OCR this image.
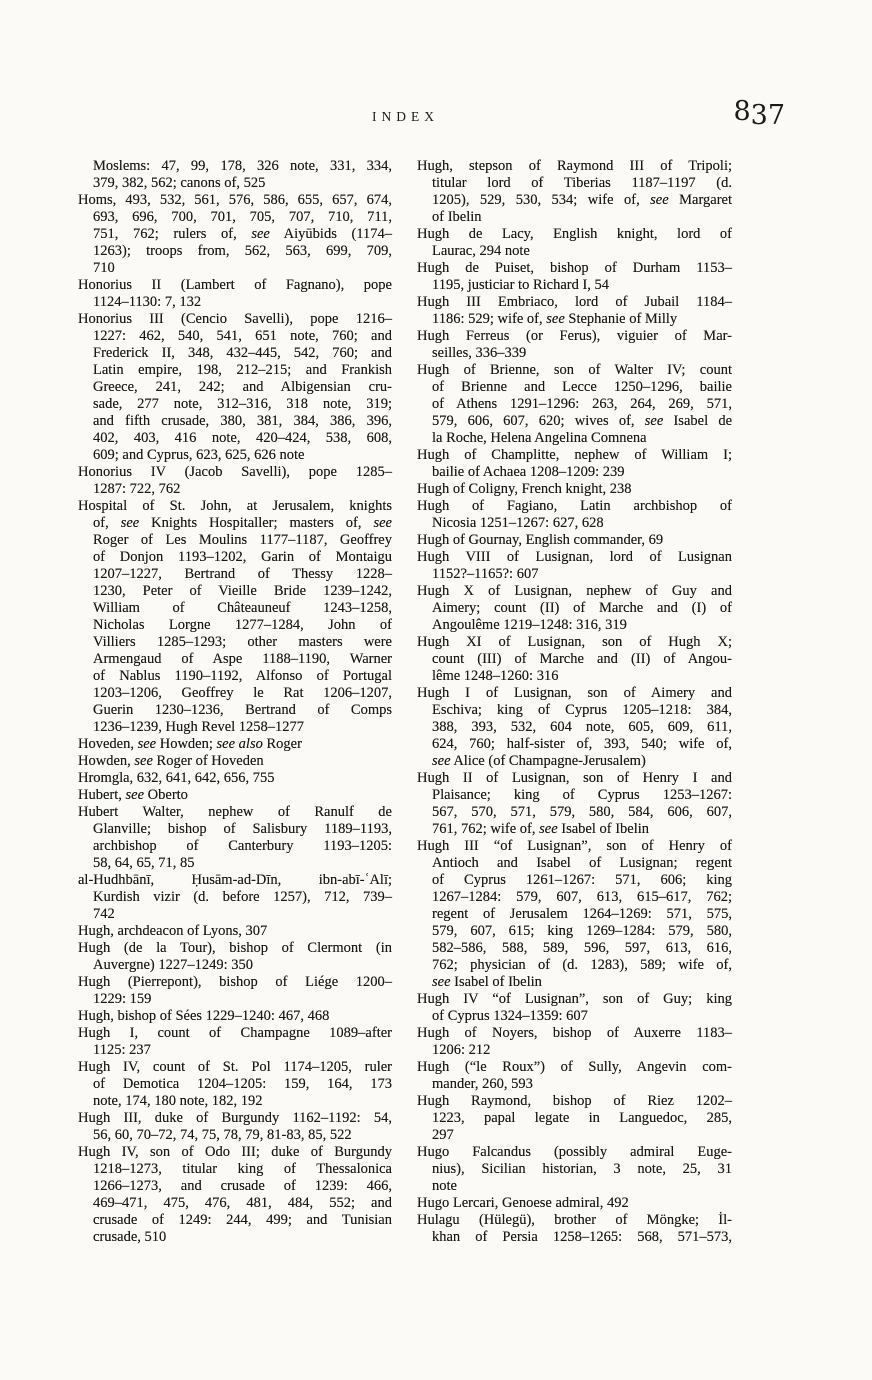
INDEX	837
Moslems: 47, 99, 178, 326 note, 331, 334,
379, 382, 562; canons of, 525
Homs, 493, 532, 561, 576, 586, 655, 657, 674,
693, 696, 700, 701, 705, 707, 710, 711,
751, 762; rulers of, see Aiyūbids (1174–
1263); troops from, 562, 563, 699, 709,
710
Honorius II (Lambert of Fagnano), pope
1124–1130: 7, 132
Honorius III (Cencio Savelli), pope 1216–
1227: 462, 540, 541, 651 note, 760; and
Frederick II, 348, 432–445, 542, 760; and
Latin empire, 198, 212–215; and Frankish
Greece, 241, 242; and Albigensian cru-
sade, 277 note, 312–316, 318 note, 319;
and fifth crusade, 380, 381, 384, 386, 396,
402, 403, 416 note, 420–424, 538, 608,
609; and Cyprus, 623, 625, 626 note
Honorius IV (Jacob Savelli), pope 1285–
1287: 722, 762
Hospital of St. John, at Jerusalem, knights
of, see Knights Hospitaller; masters of, see
Roger of Les Moulins 1177–1187, Geoffrey
of Donjon 1193–1202, Garin of Montaigu
1207–1227, Bertrand of Thessy 1228–
1230, Peter of Vieille Bride 1239–1242,
William of Châteauneuf 1243–1258,
Nicholas Lorgne 1277–1284, John of
Villiers 1285–1293; other masters were
Armengaud of Aspe 1188–1190, Warner
of Nablus 1190–1192, Alfonso of Portugal
1203–1206, Geoffrey le Rat 1206–1207,
Guerin 1230–1236, Bertrand of Comps
1236–1239, Hugh Revel 1258–1277
Hoveden, see Howden; see also Roger
Howden, see Roger of Hoveden
Hromgla, 632, 641, 642, 656, 755
Hubert, see Oberto
Hubert Walter, nephew of Ranulf de
Glanville; bishop of Salisbury 1189–1193,
archbishop of Canterbury 1193–1205:
58, 64, 65, 71, 85
al-Hudhbānī, Ḥusām-ad-Dīn, ibn-abī-ʿAlī;
Kurdish vizir (d. before 1257), 712, 739–
742
Hugh, archdeacon of Lyons, 307
Hugh (de la Tour), bishop of Clermont (in
Auvergne) 1227–1249: 350
Hugh (Pierrepont), bishop of Liége 1200–
1229: 159
Hugh, bishop of Sées 1229–1240: 467, 468
Hugh I, count of Champagne 1089–after
1125: 237
Hugh IV, count of St. Pol 1174–1205, ruler
of Demotica 1204–1205: 159, 164, 173
note, 174, 180 note, 182, 192
Hugh III, duke of Burgundy 1162–1192: 54,
56, 60, 70–72, 74, 75, 78, 79, 81-83, 85, 522
Hugh IV, son of Odo III; duke of Burgundy
1218–1273, titular king of Thessalonica
1266–1273, and crusade of 1239: 466,
469–471, 475, 476, 481, 484, 552; and
crusade of 1249: 244, 499; and Tunisian
crusade, 510
Hugh, stepson of Raymond III of Tripoli;
titular lord of Tiberias 1187–1197 (d.
1205), 529, 530, 534; wife of, see Margaret
of Ibelin
Hugh de Lacy, English knight, lord of
Laurac, 294 note
Hugh de Puiset, bishop of Durham 1153–
1195, justiciar to Richard I, 54
Hugh III Embriaco, lord of Jubail 1184–
1186: 529; wife of, see Stephanie of Milly
Hugh Ferreus (or Ferus), viguier of Mar-
seilles, 336–339
Hugh of Brienne, son of Walter IV; count
of Brienne and Lecce 1250–1296, bailie
of Athens 1291–1296: 263, 264, 269, 571,
579, 606, 607, 620; wives of, see Isabel de
la Roche, Helena Angelina Comnena
Hugh of Champlitte, nephew of William I;
bailie of Achaea 1208–1209: 239
Hugh of Coligny, French knight, 238
Hugh of Fagiano, Latin archbishop of
Nicosia 1251–1267: 627, 628
Hugh of Gournay, English commander, 69
Hugh VIII of Lusignan, lord of Lusignan
1152?–1165?: 607
Hugh X of Lusignan, nephew of Guy and
Aimery; count (II) of Marche and (I) of
Angoulême 1219–1248: 316, 319
Hugh XI of Lusignan, son of Hugh X;
count (III) of Marche and (II) of Angou-
lême 1248–1260: 316
Hugh I of Lusignan, son of Aimery and
Eschiva; king of Cyprus 1205–1218: 384,
388, 393, 532, 604 note, 605, 609, 611,
624, 760; half-sister of, 393, 540; wife of,
see Alice (of Champagne-Jerusalem)
Hugh II of Lusignan, son of Henry I and
Plaisance; king of Cyprus 1253–1267:
567, 570, 571, 579, 580, 584, 606, 607,
761, 762; wife of, see Isabel of Ibelin
Hugh III “of Lusignan”, son of Henry of
Antioch and Isabel of Lusignan; regent
of Cyprus 1261–1267: 571, 606; king
1267–1284: 579, 607, 613, 615–617, 762;
regent of Jerusalem 1264–1269: 571, 575,
579, 607, 615; king 1269–1284: 579, 580,
582–586, 588, 589, 596, 597, 613, 616,
762; physician of (d. 1283), 589; wife of,
see Isabel of Ibelin
Hugh IV “of Lusignan”, son of Guy; king
of Cyprus 1324–1359: 607
Hugh of Noyers, bishop of Auxerre 1183–
1206: 212
Hugh (“le Roux”) of Sully, Angevin com-
mander, 260, 593
Hugh Raymond, bishop of Riez 1202–
1223, papal legate in Languedoc, 285,
297
Hugo Falcandus (possibly admiral Euge-
nius), Sicilian historian, 3 note, 25, 31
note
Hugo Lercari, Genoese admiral, 492
Hulagu (Hülegü), brother of Möngke; İl-
khan of Persia 1258–1265: 568, 571–573,
